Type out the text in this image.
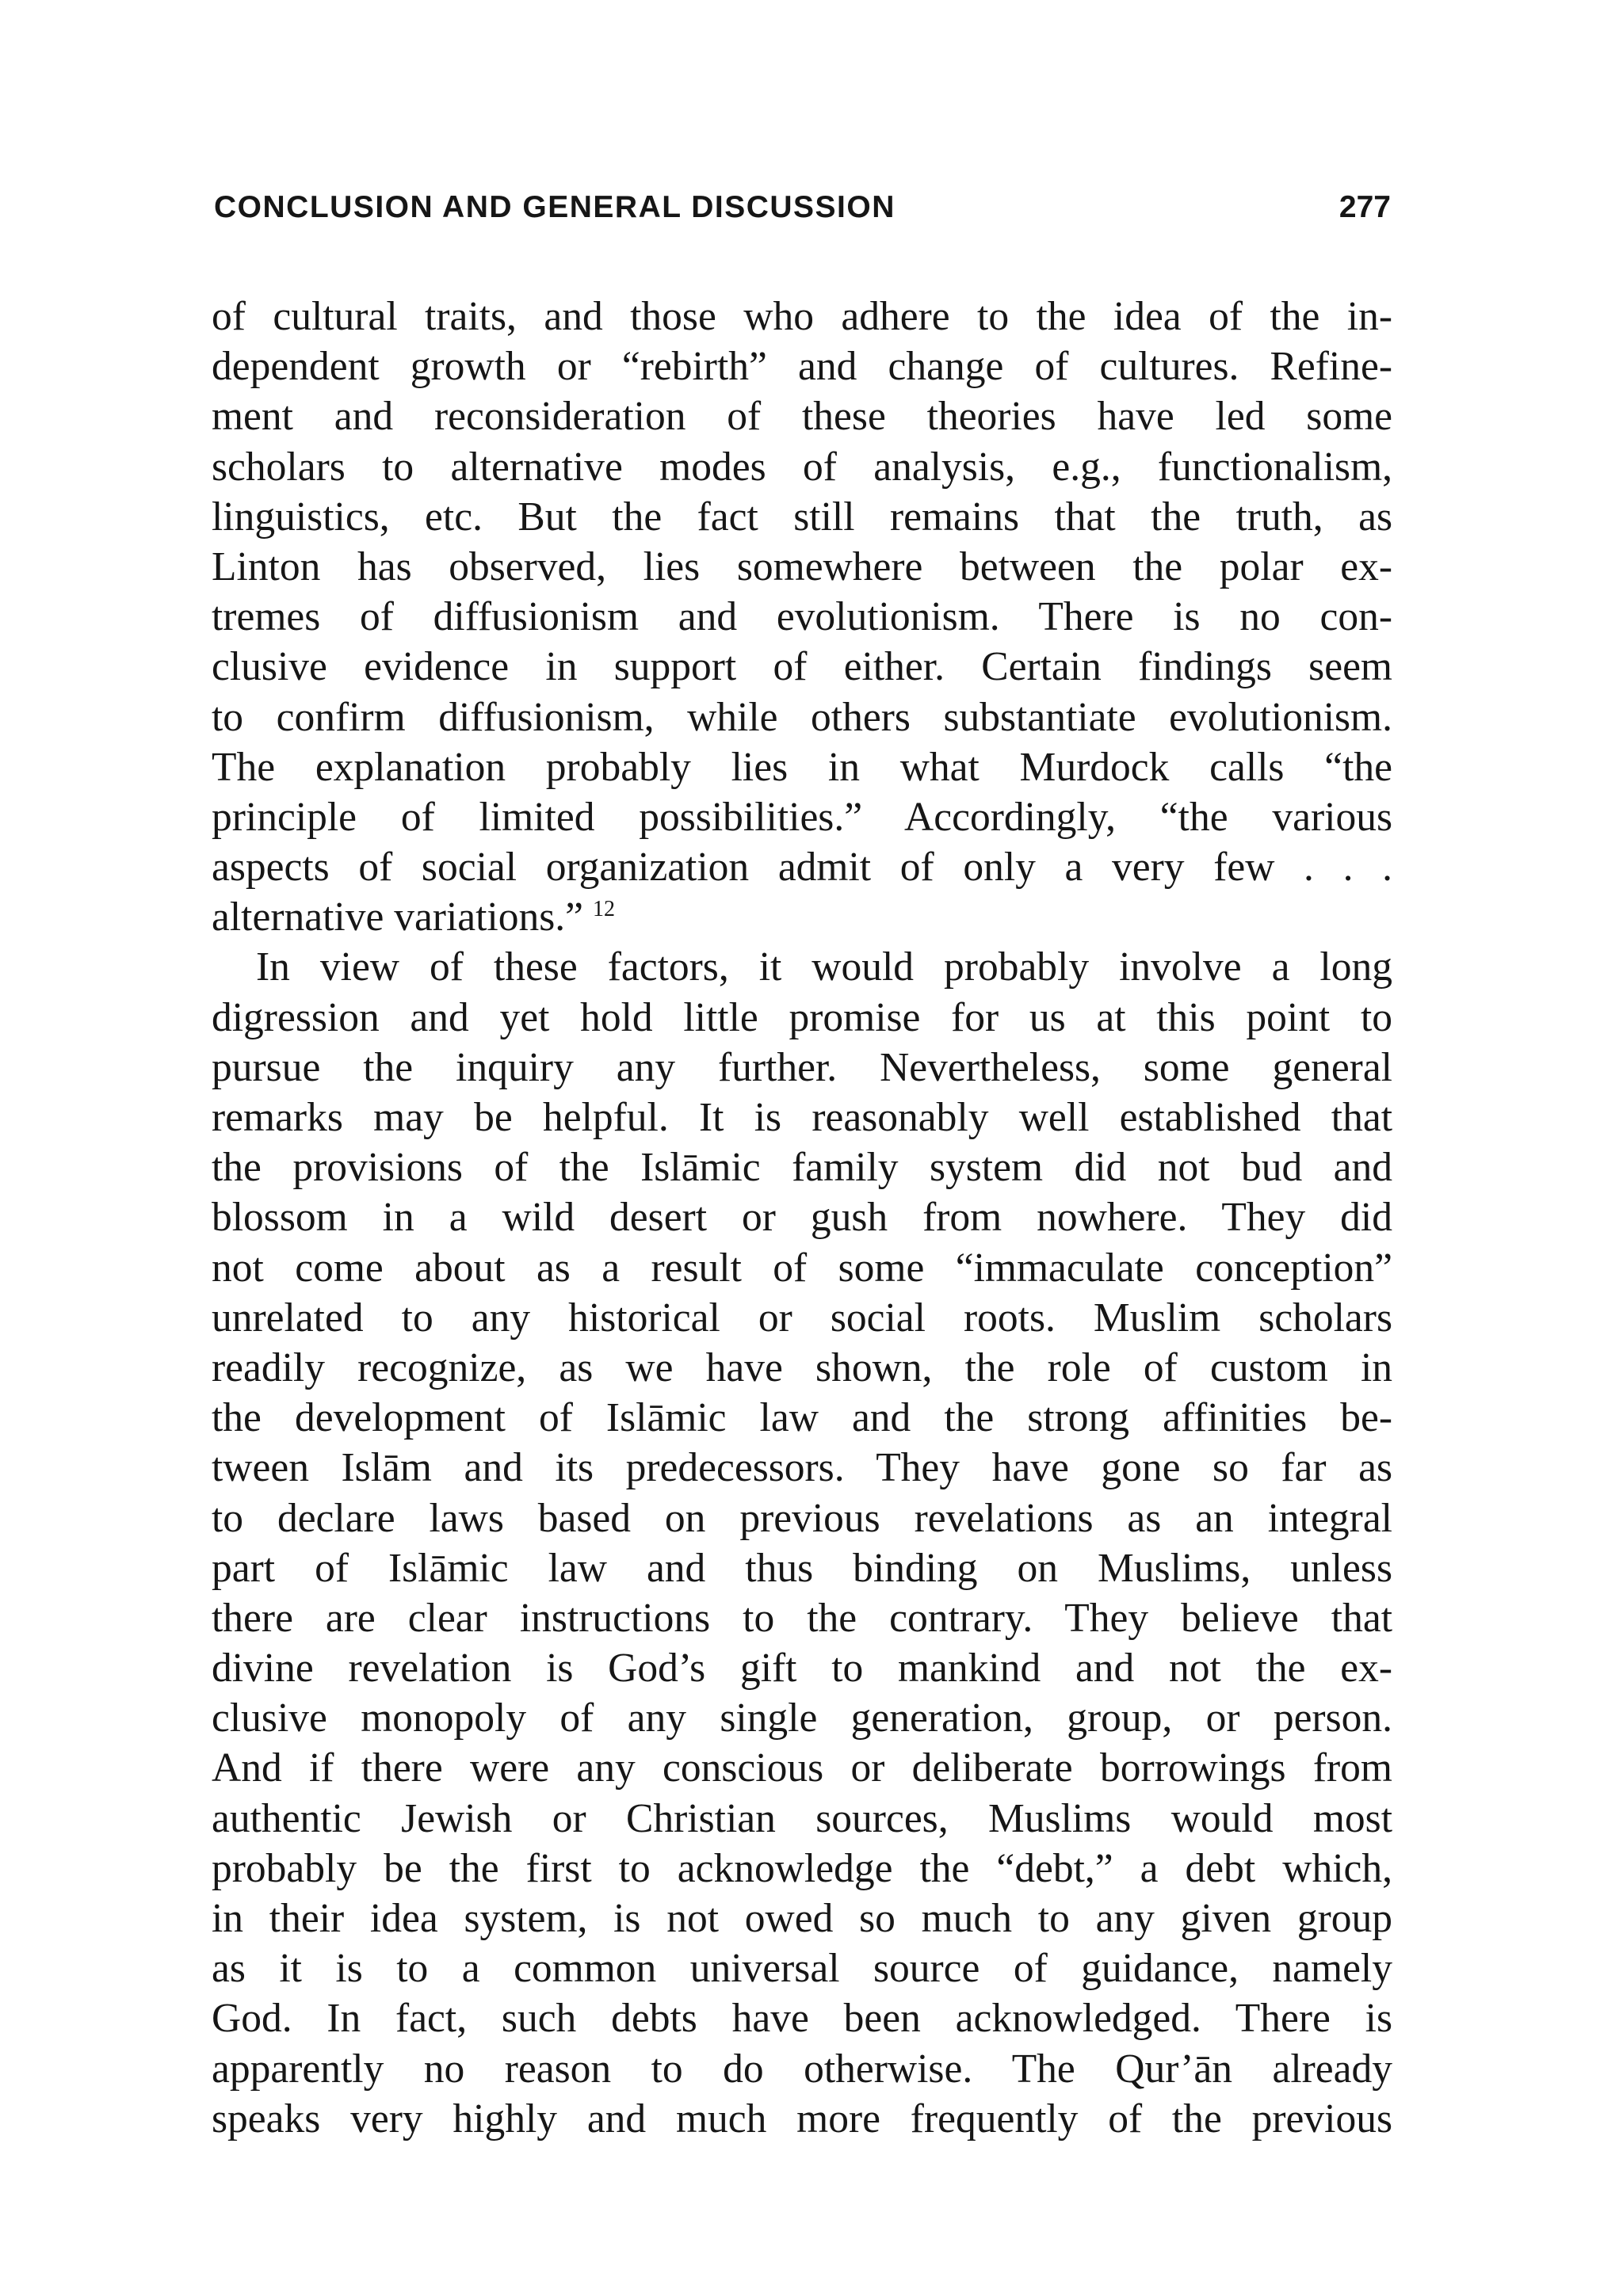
CONCLUSION AND GENERAL DISCUSSION	277
of cultural traits, and those who adhere to the idea of the in-
dependent growth or “rebirth” and change of cultures. Refine-
ment and reconsideration of these theories have led some
scholars to alternative modes of analysis, e.g., functionalism,
linguistics, etc. But the fact still remains that the truth, as
Linton has observed, lies somewhere between the polar ex-
tremes of diffusionism and evolutionism. There is no con-
clusive evidence in support of either. Certain findings seem
to confirm diffusionism, while others substantiate evolutionism.
The explanation probably lies in what Murdock calls “the
principle of limited possibilities.” Accordingly, “the various
aspects of social organization admit of only a very few . . .
alternative variations.” $^{12}$
In view of these factors, it would probably involve a long
digression and yet hold little promise for us at this point to
pursue the inquiry any further. Nevertheless, some general
remarks may be helpful. It is reasonably well established that
the provisions of the Islāmic family system did not bud and
blossom in a wild desert or gush from nowhere. They did
not come about as a result of some “immaculate conception”
unrelated to any historical or social roots. Muslim scholars
readily recognize, as we have shown, the role of custom in
the development of Islāmic law and the strong affinities be-
tween Islām and its predecessors. They have gone so far as
to declare laws based on previous revelations as an integral
part of Islāmic law and thus binding on Muslims, unless
there are clear instructions to the contrary. They believe that
divine revelation is God’s gift to mankind and not the ex-
clusive monopoly of any single generation, group, or person.
And if there were any conscious or deliberate borrowings from
authentic Jewish or Christian sources, Muslims would most
probably be the first to acknowledge the “debt,” a debt which,
in their idea system, is not owed so much to any given group
as it is to a common universal source of guidance, namely
God. In fact, such debts have been acknowledged. There is
apparently no reason to do otherwise. The Qur’ān already
speaks very highly and much more frequently of the previous
